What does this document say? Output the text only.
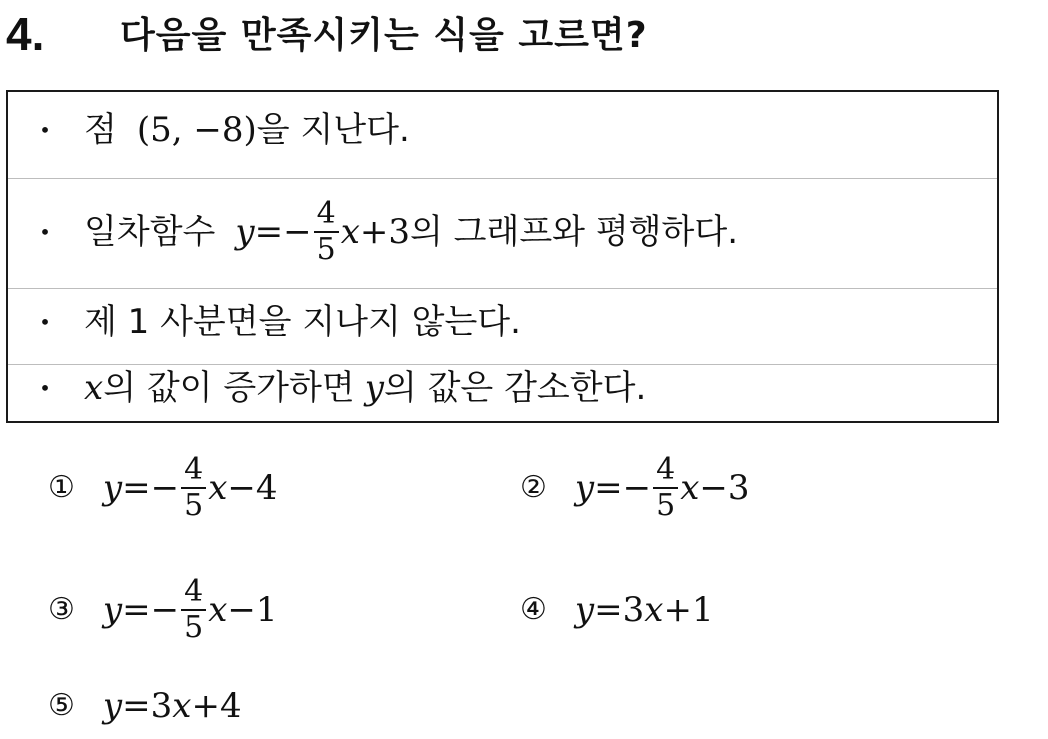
4. 다음을 만족시키는 식을 고르면?
• 점 (5, −8) 을 지난다.
• 일차함수 $y =- \frac{4}{5}$ x +3 의 그래프와 평행하다.
• 제 1 사분면을 지나지 않는다.
• x 의 값이 증가하면 y 의 값은 감소한다.
① $y =- \frac{4}{5}$ x −4	② $y =- \frac{4}{5}$ x −3
③ $y =- \frac{4}{5}$ x −1	④ y = 3 x +1
⑤ y = 3 x +4
